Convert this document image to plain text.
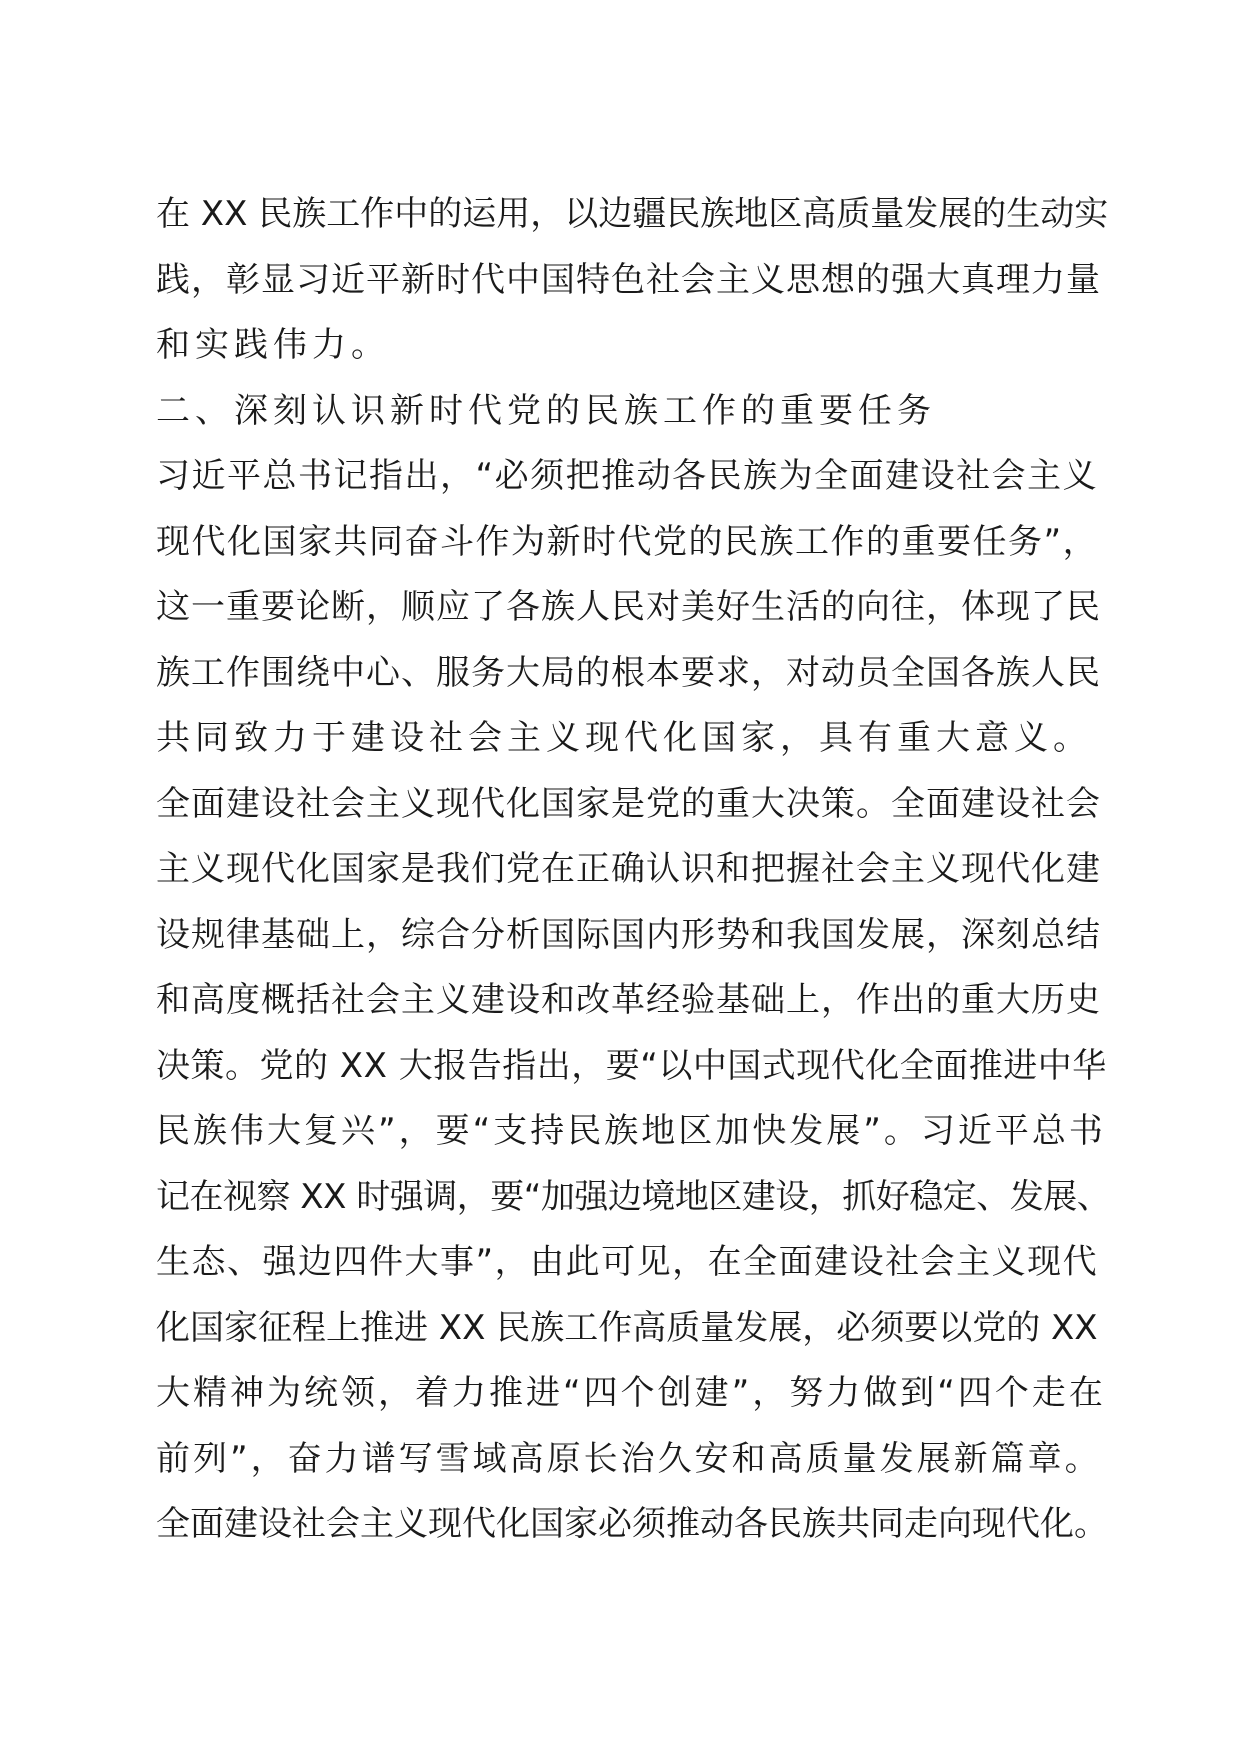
在 XX 民族工作中的运用，以边疆民族地区高质量发展的生动实
践，彰显习近平新时代中国特色社会主义思想的强大真理力量
和实践伟力。
二、深刻认识新时代党的民族工作的重要任务
习近平总书记指出，“必须把推动各民族为全面建设社会主义
现代化国家共同奋斗作为新时代党的民族工作的重要任务”，
这一重要论断，顺应了各族人民对美好生活的向往，体现了民
族工作围绕中心、服务大局的根本要求，对动员全国各族人民
共同致力于建设社会主义现代化国家，具有重大意义。
全面建设社会主义现代化国家是党的重大决策。全面建设社会
主义现代化国家是我们党在正确认识和把握社会主义现代化建
设规律基础上，综合分析国际国内形势和我国发展，深刻总结
和高度概括社会主义建设和改革经验基础上，作出的重大历史
决策。党的 XX 大报告指出，要“以中国式现代化全面推进中华
民族伟大复兴”，要“支持民族地区加快发展”。习近平总书
记在视察 XX 时强调，要“加强边境地区建设，抓好稳定、发展、
生态、强边四件大事”，由此可见，在全面建设社会主义现代
化国家征程上推进 XX 民族工作高质量发展，必须要以党的 XX
大精神为统领，着力推进“四个创建”，努力做到“四个走在
前列”，奋力谱写雪域高原长治久安和高质量发展新篇章。
全面建设社会主义现代化国家必须推动各民族共同走向现代化。
